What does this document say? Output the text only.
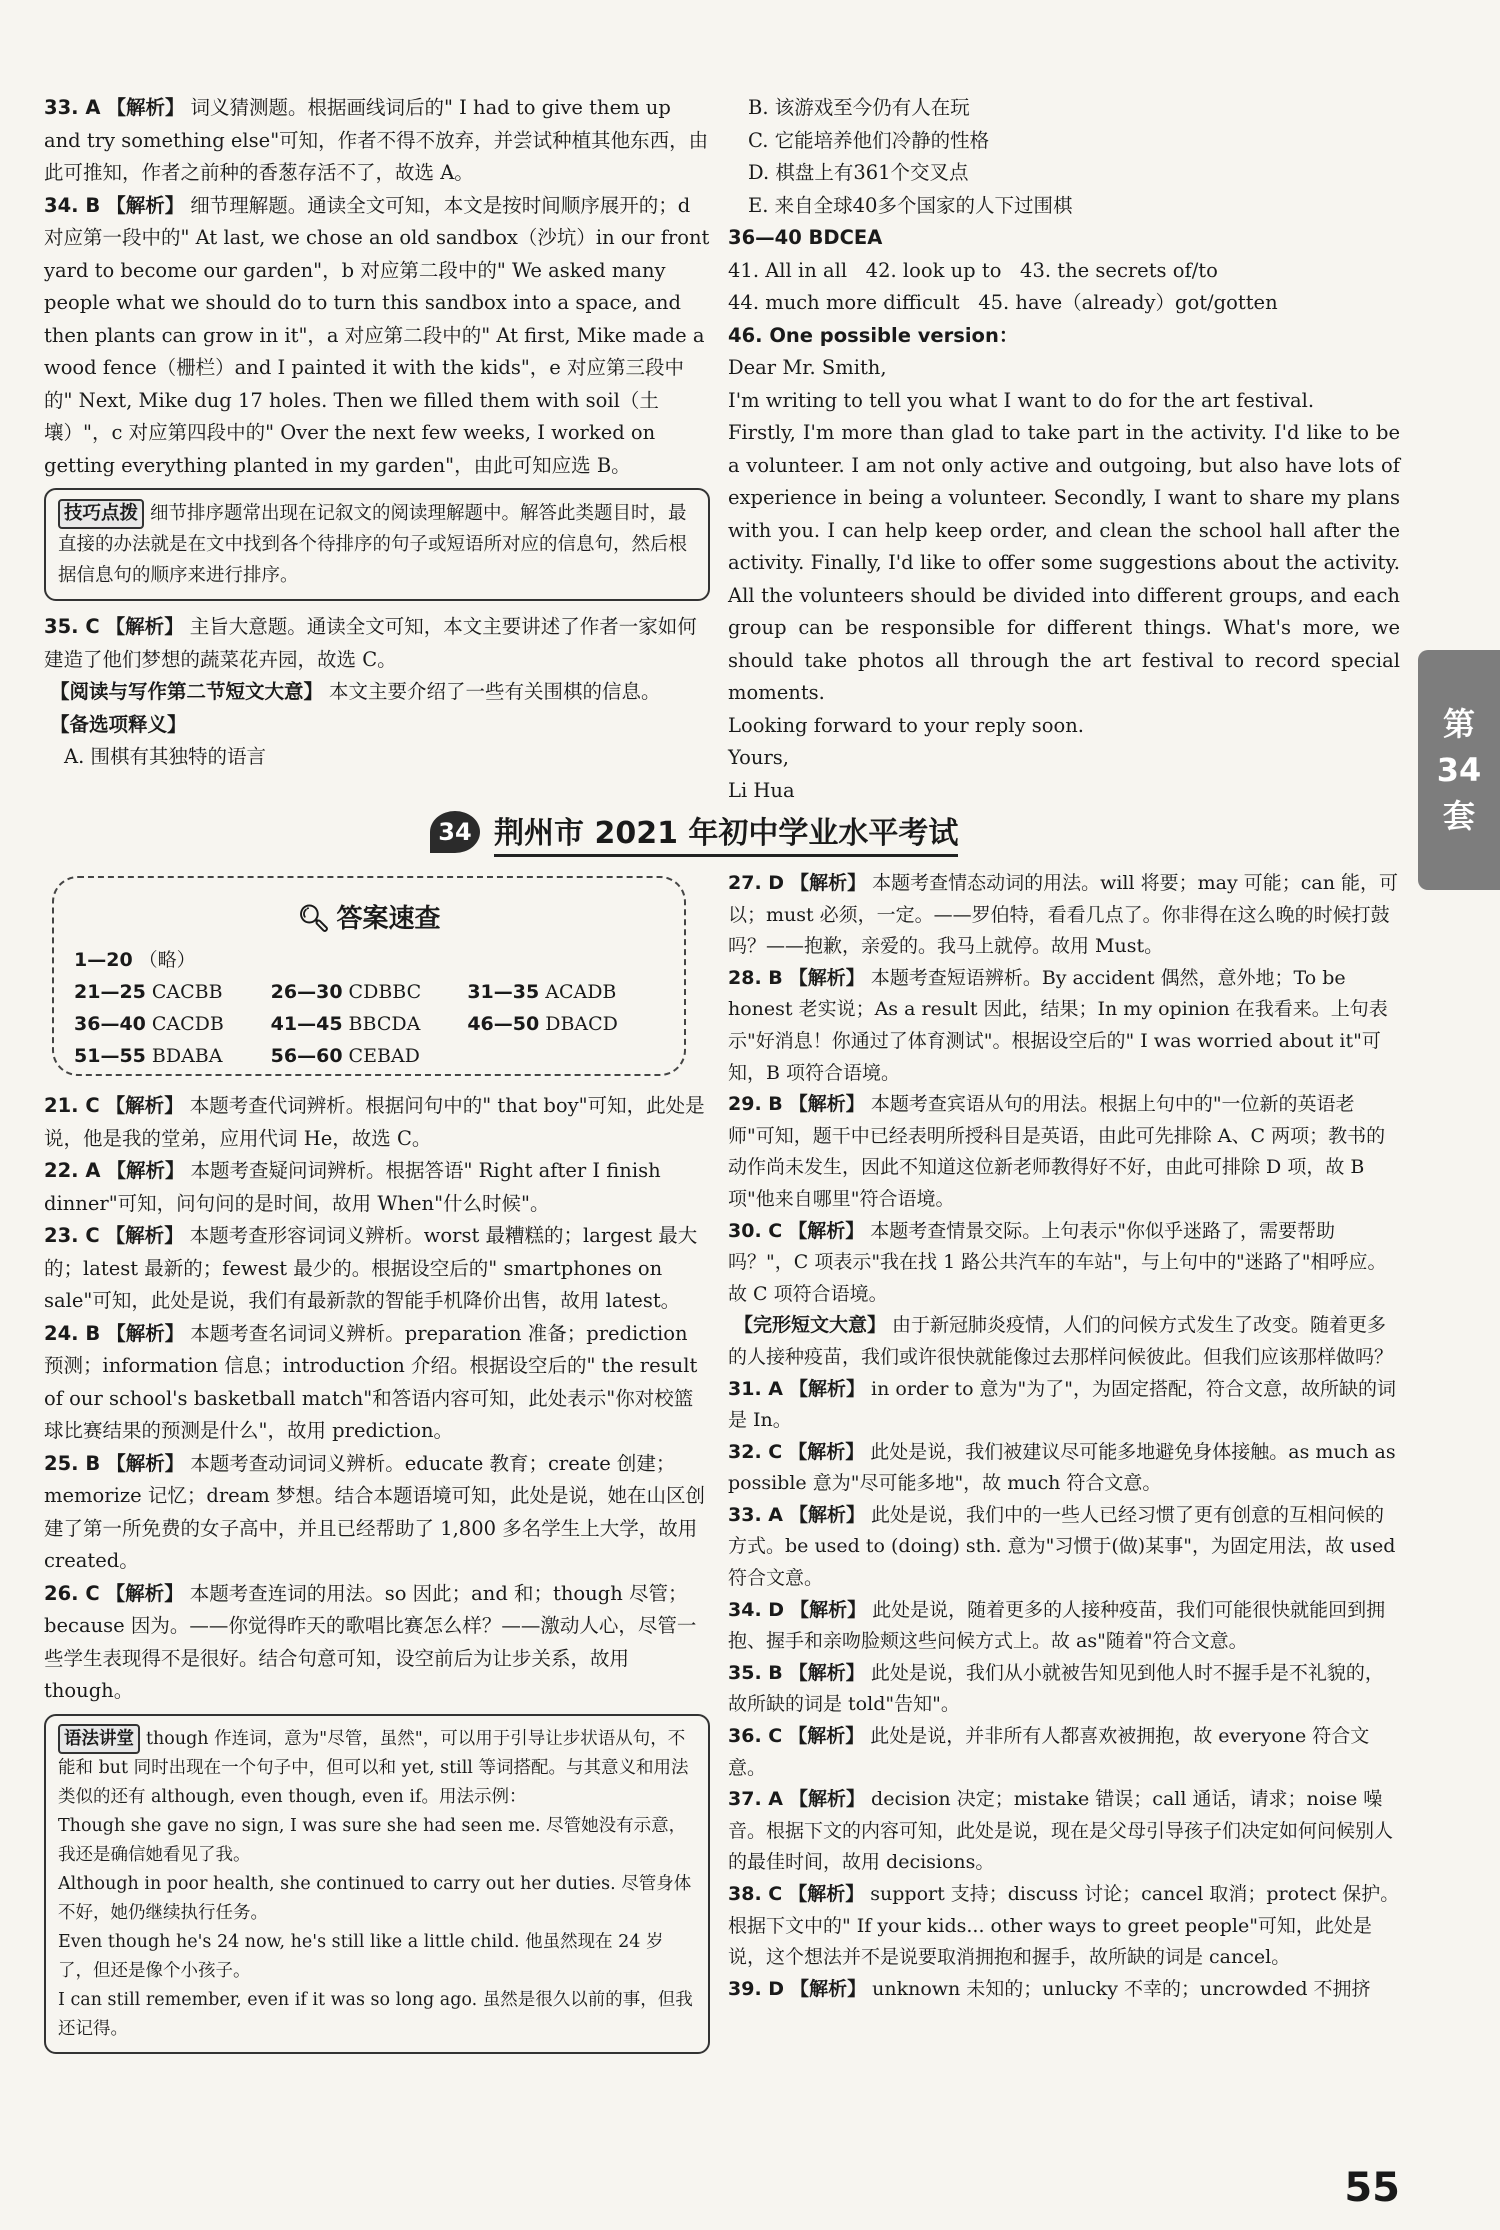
33. A 【 解析 】 词义猜测题。根据画线词后的" I had to give them up and try something else"可知，作者不得不放弃，并尝试种植其他东西，由此可推知，作者之前种的香葱存活不了，故选 A。

34. B 【 解析 】 细节理解题。通读全文可知，本文是按时间顺序展开的；d 对应第一段中的" At last, we chose an old sandbox（沙坑）in our front yard to become our garden"，b 对应第二段中的" We asked many people what we should do to turn this sandbox into a space, and then plants can grow in it"，a 对应第二段中的" At first, Mike made a wood fence（栅栏）and I painted it with the kids"，e 对应第三段中的" Next, Mike dug 17 holes. Then we filled them with soil（土壤）"，c 对应第四段中的" Over the next few weeks, I worked on getting everything planted in my garden"，由此可知应选 B。

技巧点拨 细节排序题常出现在记叙文的阅读理解题中。解答此类题目时，最直接的办法就是在文中找到各个待排序的句子或短语所对应的信息句，然后根据信息句的顺序来进行排序。

35. C 【 解析 】 主旨大意题。通读全文可知，本文主要讲述了作者一家如何建造了他们梦想的蔬菜花卉园，故选 C。

【 阅读与写作第二节短文大意 】 本文主要介绍了一些有关围棋的信息。

【 备选项释义 】

A. 围棋有其独特的语言

B. 该游戏至今仍有人在玩

C. 它能培养他们冷静的性格

D. 棋盘上有361个交叉点

E. 来自全球40多个国家的人下过围棋

36—40 BDCEA

41. All in all 42. look up to 43. the secrets of/to

44. much more difficult 45. have（already）got/gotten

46. One possible version：

Dear Mr. Smith,

I'm writing to tell you what I want to do for the art festival.

Firstly, I'm more than glad to take part in the activity. I'd like to be a volunteer. I am not only active and outgoing, but also have lots of experience in being a volunteer. Secondly, I want to share my plans with you. I can help keep order, and clean the school hall after the activity. Finally, I'd like to offer some suggestions about the activity. All the volunteers should be divided into different groups, and each group can be responsible for different things. What's more, we should take photos all through the art festival to record special moments.

Looking forward to your reply soon.

Yours,

Li Hua

34 荆州市 2021 年初中学业水平考试
🔍︎ 答案速查
1—20 （略）
21—25 CACBB	26—30 CDBBC	31—35 ACADB
36—40 CACDB	41—45 BBCDA	46—50 DBACD
51—55 BDABA	56—60 CEBAD

21. C 【 解析 】 本题考查代词辨析。根据问句中的" that boy"可知，此处是说，他是我的堂弟，应用代词 He，故选 C。

22. A 【 解析 】 本题考查疑问词辨析。根据答语" Right after I finish dinner"可知，问句问的是时间，故用 When"什么时候"。

23. C 【 解析 】 本题考查形容词词义辨析。worst 最糟糕的；largest 最大的；latest 最新的；fewest 最少的。根据设空后的" smartphones on sale"可知，此处是说，我们有最新款的智能手机降价出售，故用 latest。

24. B 【 解析 】 本题考查名词词义辨析。preparation 准备；prediction 预测；information 信息；introduction 介绍。根据设空后的" the result of our school's basketball match"和答语内容可知，此处表示"你对校篮球比赛结果的预测是什么"，故用 prediction。

25. B 【 解析 】 本题考查动词词义辨析。educate 教育；create 创建；memorize 记忆；dream 梦想。结合本题语境可知，此处是说，她在山区创建了第一所免费的女子高中，并且已经帮助了 1,800 多名学生上大学，故用 created。

26. C 【 解析 】 本题考查连词的用法。so 因此；and 和；though 尽管；because 因为。——你觉得昨天的歌唱比赛怎么样？——激动人心，尽管一些学生表现得不是很好。结合句意可知，设空前后为让步关系，故用 though。

语法讲堂 though 作连词，意为"尽管，虽然"，可以用于引导让步状语从句，不能和 but 同时出现在一个句子中，但可以和 yet, still 等词搭配。与其意义和用法类似的还有 although, even though, even if。用法示例：

Though she gave no sign, I was sure she had seen me. 尽管她没有示意，我还是确信她看见了我。

Although in poor health, she continued to carry out her duties. 尽管身体不好，她仍继续执行任务。

Even though he's 24 now, he's still like a little child. 他虽然现在 24 岁了，但还是像个小孩子。

I can still remember, even if it was so long ago. 虽然是很久以前的事，但我还记得。

27. D 【 解析 】 本题考查情态动词的用法。will 将要；may 可能；can 能，可以；must 必须，一定。——罗伯特，看看几点了。你非得在这么晚的时候打鼓吗？——抱歉，亲爱的。我马上就停。故用 Must。

28. B 【 解析 】 本题考查短语辨析。By accident 偶然，意外地；To be honest 老实说；As a result 因此，结果；In my opinion 在我看来。上句表示"好消息！你通过了体育测试"。根据设空后的" I was worried about it"可知，B 项符合语境。

29. B 【 解析 】 本题考查宾语从句的用法。根据上句中的"一位新的英语老师"可知，题干中已经表明所授科目是英语，由此可先排除 A、C 两项；教书的动作尚未发生，因此不知道这位新老师教得好不好，由此可排除 D 项，故 B 项"他来自哪里"符合语境。

30. C 【 解析 】 本题考查情景交际。上句表示"你似乎迷路了，需要帮助吗？"，C 项表示"我在找 1 路公共汽车的车站"，与上句中的"迷路了"相呼应。故 C 项符合语境。

【 完形短文大意 】 由于新冠肺炎疫情，人们的问候方式发生了改变。随着更多的人接种疫苗，我们或许很快就能像过去那样问候彼此。但我们应该那样做吗？

31. A 【 解析 】 in order to 意为"为了"，为固定搭配，符合文意，故所缺的词是 In。

32. C 【 解析 】 此处是说，我们被建议尽可能多地避免身体接触。as much as possible 意为"尽可能多地"，故 much 符合文意。

33. A 【 解析 】 此处是说，我们中的一些人已经习惯了更有创意的互相问候的方式。be used to (doing) sth. 意为"习惯于(做)某事"，为固定用法，故 used 符合文意。

34. D 【 解析 】 此处是说，随着更多的人接种疫苗，我们可能很快就能回到拥抱、握手和亲吻脸颊这些问候方式上。故 as"随着"符合文意。

35. B 【 解析 】 此处是说，我们从小就被告知见到他人时不握手是不礼貌的，故所缺的词是 told"告知"。

36. C 【 解析 】 此处是说，并非所有人都喜欢被拥抱，故 everyone 符合文意。

37. A 【 解析 】 decision 决定；mistake 错误；call 通话，请求；noise 噪音。根据下文的内容可知，此处是说，现在是父母引导孩子们决定如何问候别人的最佳时间，故用 decisions。

38. C 【 解析 】 support 支持；discuss 讨论；cancel 取消；protect 保护。根据下文中的" If your kids... other ways to greet people"可知，此处是说，这个想法并不是说要取消拥抱和握手，故所缺的词是 cancel。

39. D 【 解析 】 unknown 未知的；unlucky 不幸的；uncrowded 不拥挤

第
34
套
55
